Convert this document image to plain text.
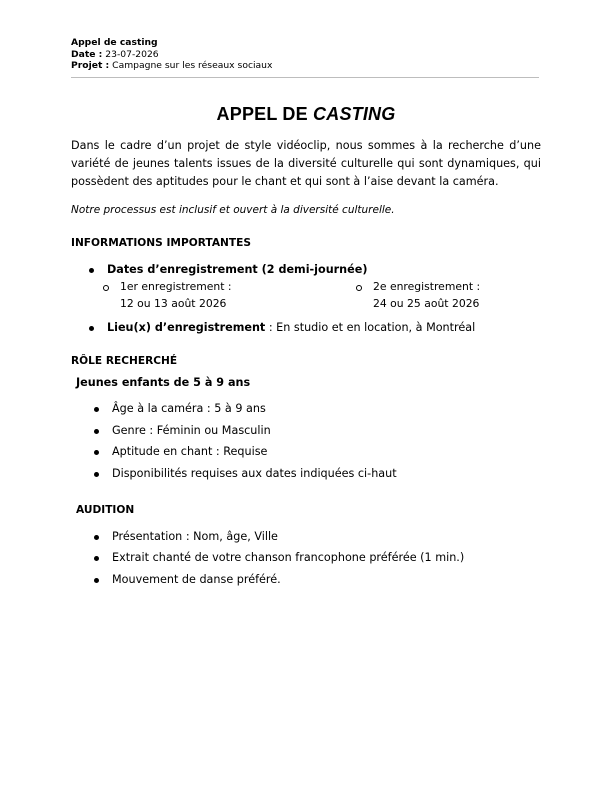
Appel de casting
Date : 23-07-2026
Projet : Campagne sur les réseaux sociaux
APPEL DE CASTING
Dans le cadre d’un projet de style vidéoclip, nous sommes à la recherche d’une variété de jeunes talents issues de la diversité culturelle qui sont dynamiques, qui possèdent des aptitudes pour le chant et qui sont à l’aise devant la caméra.
Notre processus est inclusif et ouvert à la diversité culturelle.
INFORMATIONS IMPORTANTES
Dates d’enregistrement (2 demi-journée)
1er enregistrement :
12 ou 13 août 2026
2e enregistrement :
24 ou 25 août 2026
Lieu(x) d’enregistrement : En studio et en location, à Montréal
RÔLE RECHERCHÉ
Jeunes enfants de 5 à 9 ans
Âge à la caméra : 5 à 9 ans
Genre : Féminin ou Masculin
Aptitude en chant : Requise
Disponibilités requises aux dates indiquées ci-haut
AUDITION
Présentation : Nom, âge, Ville
Extrait chanté de votre chanson francophone préférée (1 min.)
Mouvement de danse préféré.
